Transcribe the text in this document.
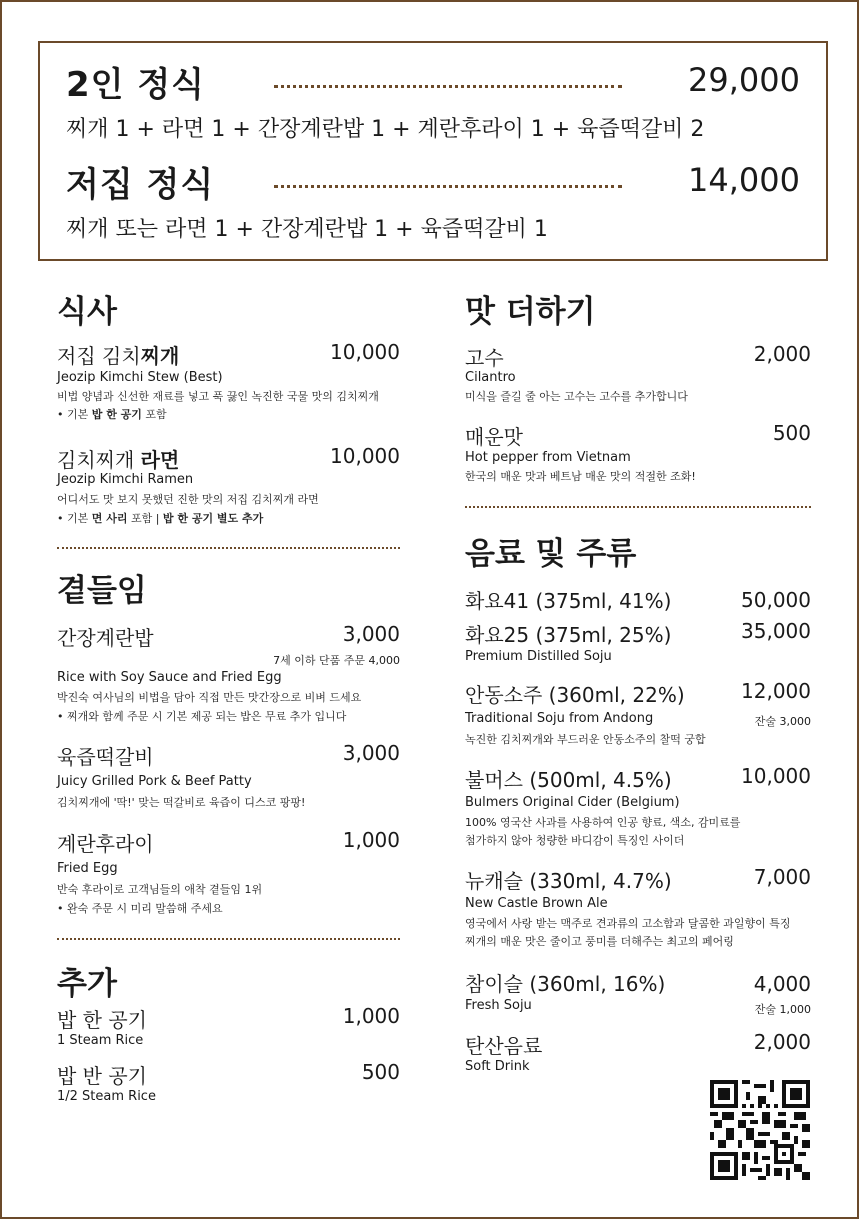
2인 정식	29,000
찌개 1 + 라면 1 + 간장계란밥 1 + 계란후라이 1 + 육즙떡갈비 2
저집 정식	14,000
찌개 또는 라면 1 + 간장계란밥 1 + 육즙떡갈비 1
식사
저집 김치찌개	10,000
Jeozip Kimchi Stew (Best)
비법 양념과 신선한 재료를 넣고 푹 끓인 녹진한 국물 맛의 김치찌개
• 기본 밥 한 공기 포함
김치찌개 라면	10,000
Jeozip Kimchi Ramen
어디서도 맛 보지 못했던 진한 맛의 저집 김치찌개 라면
• 기본 면 사리 포함 | 밥 한 공기 별도 추가
곁들임
간장계란밥	3,000
7세 이하 단품 주문 4,000
Rice with Soy Sauce and Fried Egg
박진숙 여사님의 비법을 담아 직접 만든 맛간장으로 비벼 드세요
• 찌개와 함께 주문 시 기본 제공 되는 밥은 무료 추가 입니다
육즙떡갈비	3,000
Juicy Grilled Pork & Beef Patty
김치찌개에 '딱!' 맞는 떡갈비로 육즙이 디스코 팡팡!
계란후라이	1,000
Fried Egg
반숙 후라이로 고객님들의 애착 곁들임 1위
• 완숙 주문 시 미리 말씀해 주세요
추가
밥 한 공기	1,000
1 Steam Rice
밥 반 공기	500
1/2 Steam Rice
맛 더하기
고수	2,000
Cilantro
미식을 즐길 줄 아는 고수는 고수를 추가합니다
매운맛	500
Hot pepper from Vietnam
한국의 매운 맛과 베트남 매운 맛의 적절한 조화!
음료 및 주류
화요41 (375ml, 41%)	50,000
화요25 (375ml, 25%)	35,000
Premium Distilled Soju
안동소주 (360ml, 22%)	12,000
Traditional Soju from Andong	잔술 3,000
녹진한 김치찌개와 부드러운 안동소주의 찰떡 궁합
불머스 (500ml, 4.5%)	10,000
Bulmers Original Cider (Belgium)
100% 영국산 사과를 사용하여 인공 향료, 색소, 감미료를
첨가하지 않아 청량한 바디감이 특징인 사이더
뉴캐슬 (330ml, 4.7%)	7,000
New Castle Brown Ale
영국에서 사랑 받는 맥주로 견과류의 고소함과 달콤한 과일향이 특징
찌개의 매운 맛은 줄이고 풍미를 더해주는 최고의 페어링
참이슬 (360ml, 16%)	4,000
Fresh Soju	잔술 1,000
탄산음료	2,000
Soft Drink
